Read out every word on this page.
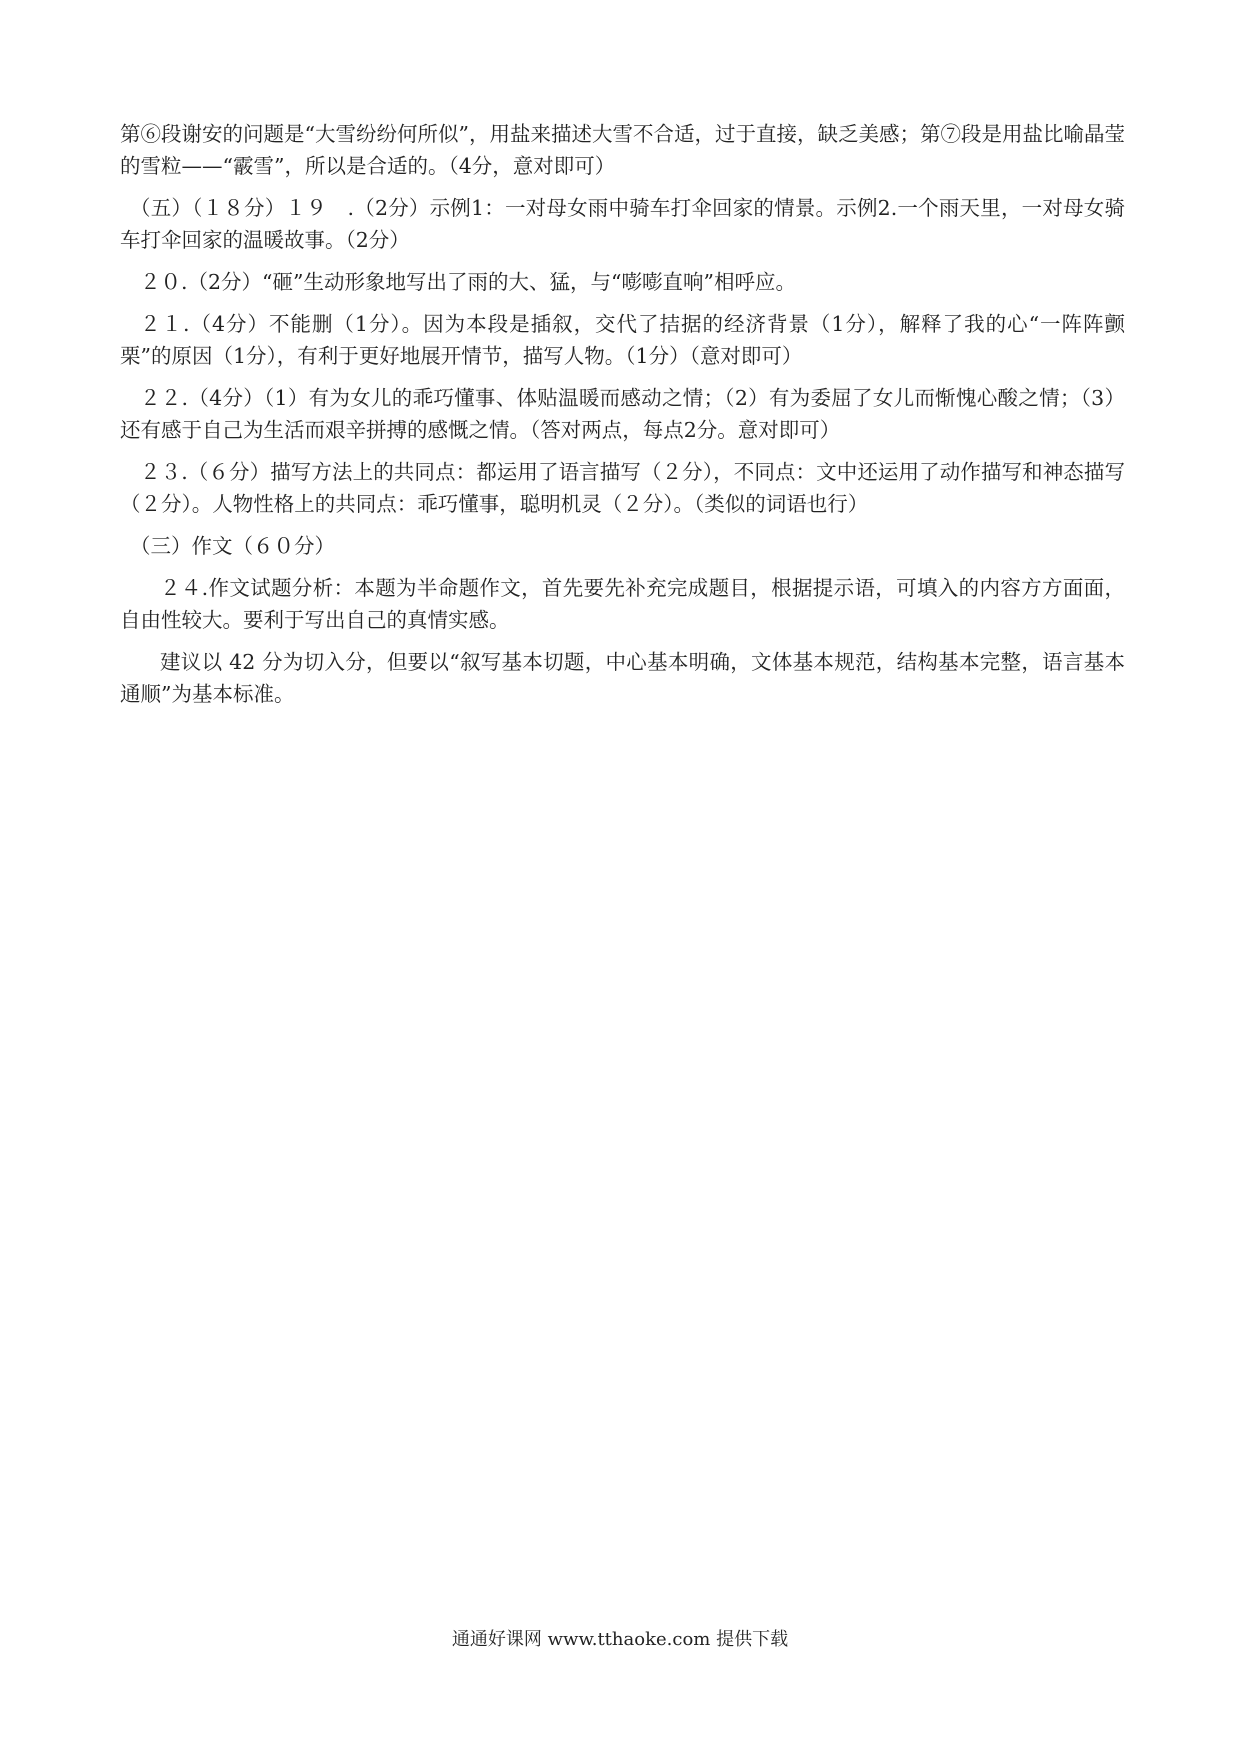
第⑥段谢安的问题是“大雪纷纷何所似”，用盐来描述大雪不合适，过于直接，缺乏美感；第⑦段是用盐比喻晶莹的雪粒——“霰雪”，所以是合适的。（4分，意对即可）

（五）（１８分）１９　.（2分）示例1：一对母女雨中骑车打伞回家的情景。示例2.一个雨天里，一对母女骑车打伞回家的温暖故事。（2分）

２０.（2分）“砸”生动形象地写出了雨的大、猛，与“嘭嘭直响”相呼应。

２１.（4分）不能删（1分）。因为本段是插叙，交代了拮据的经济背景（1分），解释了我的心“一阵阵颤栗”的原因（1分），有利于更好地展开情节，描写人物。（1分）（意对即可）

２２.（4分）（1）有为女儿的乖巧懂事、体贴温暖而感动之情；（2）有为委屈了女儿而惭愧心酸之情；（3）还有感于自己为生活而艰辛拼搏的感慨之情。（答对两点，每点2分。意对即可）

２３.（６分）描写方法上的共同点：都运用了语言描写（２分），不同点：文中还运用了动作描写和神态描写（２分）。人物性格上的共同点：乖巧懂事，聪明机灵（２分）。（类似的词语也行）

（三）作文（６０分）

２４.作文试题分析：本题为半命题作文，首先要先补充完成题目，根据提示语，可填入的内容方方面面，自由性较大。要利于写出自己的真情实感。

建议以 42 分为切入分，但要以“叙写基本切题，中心基本明确，文体基本规范，结构基本完整，语言基本通顺”为基本标准。

通通好课网 www.tthaoke.com 提供下载
